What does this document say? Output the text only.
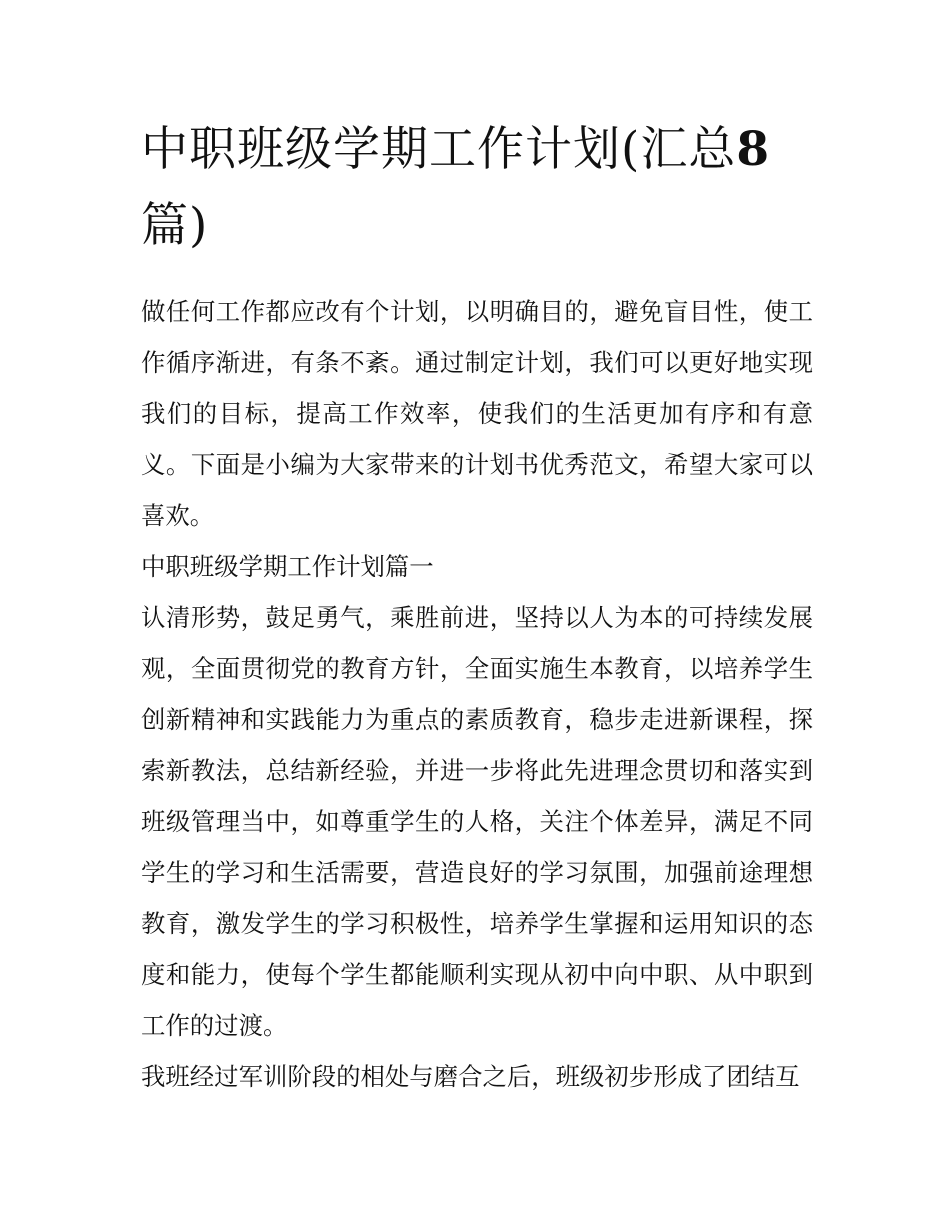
中职班级学期工作计划(汇总8
篇)

做任何工作都应改有个计划，以明确目的，避免盲目性，使工作循序渐进，有条不紊。通过制定计划，我们可以更好地实现我们的目标，提高工作效率，使我们的生活更加有序和有意义。下面是小编为大家带来的计划书优秀范文，希望大家可以喜欢。

中职班级学期工作计划篇一

认清形势，鼓足勇气，乘胜前进，坚持以人为本的可持续发展观，全面贯彻党的教育方针，全面实施生本教育，以培养学生创新精神和实践能力为重点的素质教育，稳步走进新课程，探索新教法，总结新经验，并进一步将此先进理念贯切和落实到班级管理当中，如尊重学生的人格，关注个体差异，满足不同学生的学习和生活需要，营造良好的学习氛围，加强前途理想教育，激发学生的学习积极性，培养学生掌握和运用知识的态度和能力，使每个学生都能顺利实现从初中向中职、从中职到工作的过渡。

我班经过军训阶段的相处与磨合之后，班级初步形成了团结互
